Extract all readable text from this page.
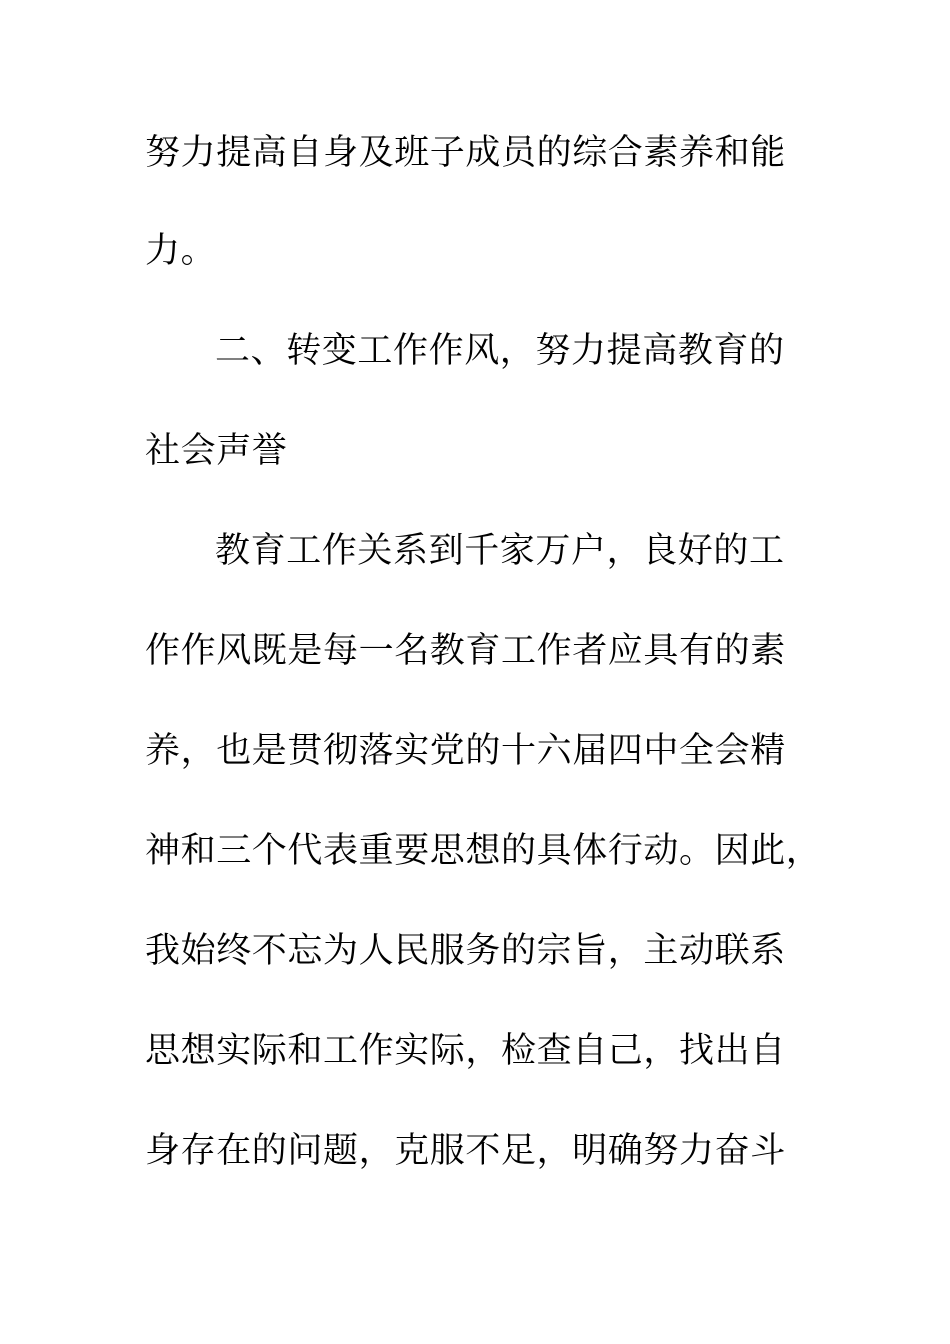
努力提高自身及班子成员的综合素养和能
力。
二、转变工作作风，努力提高教育的
社会声誉
教育工作关系到千家万户，良好的工
作作风既是每一名教育工作者应具有的素
养，也是贯彻落实党的十六届四中全会精
神和三个代表重要思想的具体行动。因此，
我始终不忘为人民服务的宗旨，主动联系
思想实际和工作实际，检查自己，找出自
身存在的问题，克服不足，明确努力奋斗
